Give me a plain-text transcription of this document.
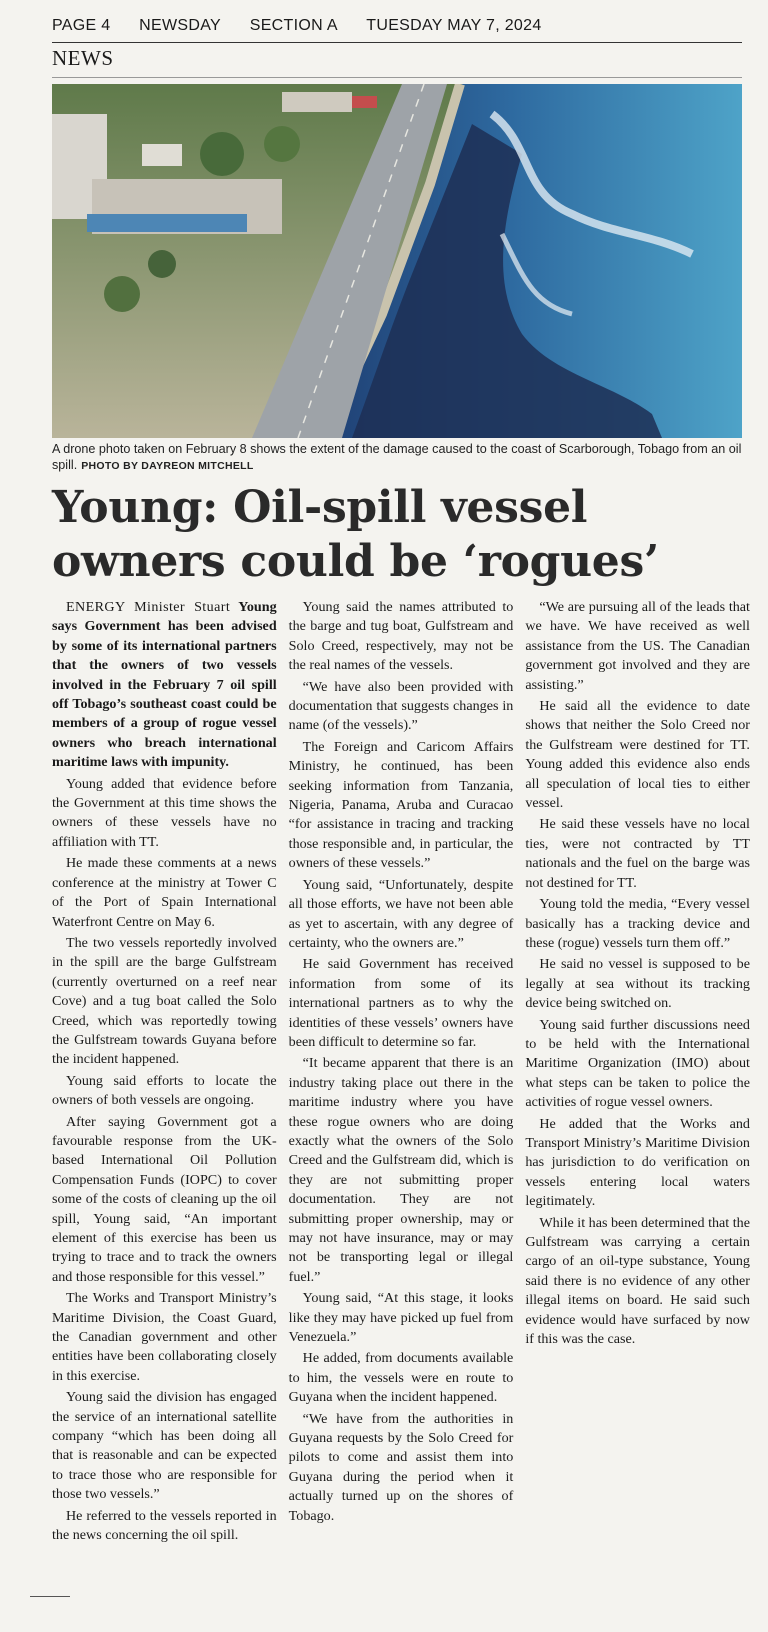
PAGE 4 NEWSDAY SECTION A TUESDAY MAY 7, 2024
NEWS
A drone photo taken on February 8 shows the extent of the damage caused to the coast of Scarborough, Tobago from an oil spill. PHOTO BY DAYREON MITCHELL
Young: Oil-spill vessel
owners could be ‘rogues’

ENERGY Minister Stuart Young says Government has been advised by some of its international partners that the owners of two vessels involved in the February 7 oil spill off Tobago’s southeast coast could be members of a group of rogue vessel owners who breach international maritime laws with impunity.

Young added that evidence before the Government at this time shows the owners of these vessels have no affiliation with TT.

He made these comments at a news conference at the ministry at Tower C of the Port of Spain International Waterfront Centre on May 6.

The two vessels reportedly involved in the spill are the barge Gulfstream (currently overturned on a reef near Cove) and a tug boat called the Solo Creed, which was reportedly towing the Gulfstream towards Guyana before the incident happened.

Young said efforts to locate the owners of both vessels are ongoing.

After saying Government got a favourable response from the UK-based International Oil Pollution Compensation Funds (IOPC) to cover some of the costs of cleaning up the oil spill, Young said, “An important element of this exercise has been us trying to trace and to track the owners and those responsible for this vessel.”

The Works and Transport Ministry’s Maritime Division, the Coast Guard, the Canadian government and other entities have been collaborating closely in this exercise.

Young said the division has engaged the service of an international satellite company “which has been doing all that is reasonable and can be expected to trace those who are responsible for those two vessels.”

He referred to the vessels reported in the news concerning the oil spill.

Young said the names attributed to the barge and tug boat, Gulfstream and Solo Creed, respectively, may not be the real names of the vessels.

“We have also been provided with documentation that suggests changes in name (of the vessels).”

The Foreign and Caricom Affairs Ministry, he continued, has been seeking information from Tanzania, Nigeria, Panama, Aruba and Curacao “for assistance in tracing and tracking those responsible and, in particular, the owners of these vessels.”

Young said, “Unfortunately, despite all those efforts, we have not been able as yet to ascertain, with any degree of certainty, who the owners are.”

He said Government has received information from some of its international partners as to why the identities of these vessels’ owners have been difficult to determine so far.

“It became apparent that there is an industry taking place out there in the maritime industry where you have these rogue owners who are doing exactly what the owners of the Solo Creed and the Gulfstream did, which is they are not submitting proper documentation. They are not submitting proper ownership, may or may not have insurance, may or may not be transporting legal or illegal fuel.”

Young said, “At this stage, it looks like they may have picked up fuel from Venezuela.”

He added, from documents available to him, the vessels were en route to Guyana when the incident happened.

“We have from the authorities in Guyana requests by the Solo Creed for pilots to come and assist them into Guyana during the period when it actually turned up on the shores of Tobago.

“We are pursuing all of the leads that we have. We have received as well assistance from the US. The Canadian government got involved and they are assisting.”

He said all the evidence to date shows that neither the Solo Creed nor the Gulfstream were destined for TT. Young added this evidence also ends all speculation of local ties to either vessel.

He said these vessels have no local ties, were not contracted by TT nationals and the fuel on the barge was not destined for TT.

Young told the media, “Every vessel basically has a tracking device and these (rogue) vessels turn them off.”

He said no vessel is supposed to be legally at sea without its tracking device being switched on.

Young said further discussions need to be held with the International Maritime Organization (IMO) about what steps can be taken to police the activities of rogue vessel owners.

He added that the Works and Transport Ministry’s Maritime Division has jurisdiction to do verification on vessels entering local waters legitimately.

While it has been determined that the Gulfstream was carrying a certain cargo of an oil-type substance, Young said there is no evidence of any other illegal items on board. He said such evidence would have surfaced by now if this was the case.
